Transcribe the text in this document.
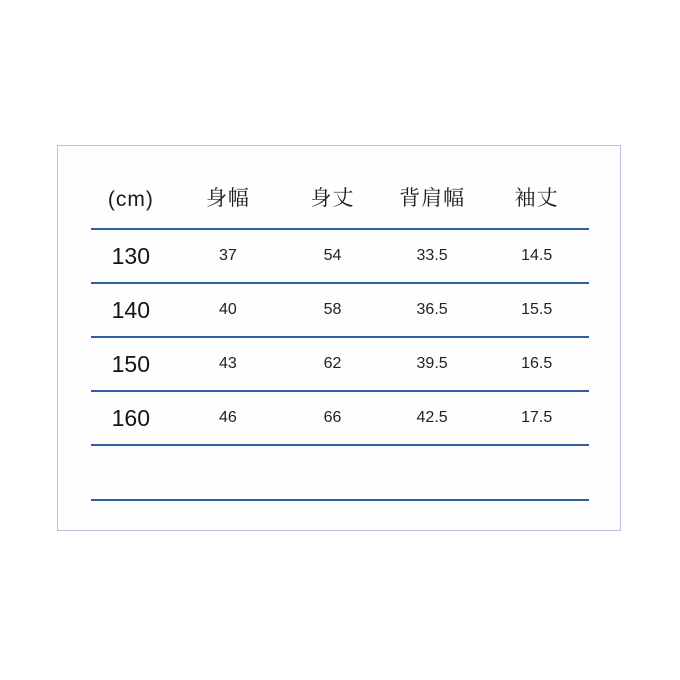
(cm)	身幅	身丈	背肩幅	袖丈
130	37	54	33.5	14.5
140	40	58	36.5	15.5
150	43	62	39.5	16.5
160	46	66	42.5	17.5
